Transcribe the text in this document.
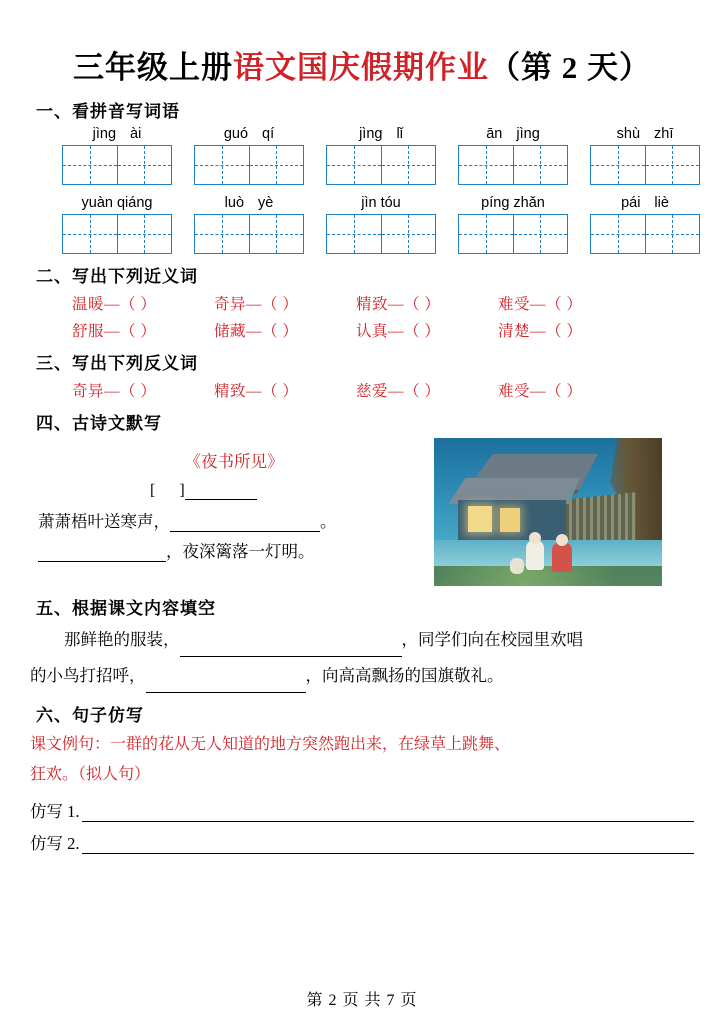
三年级上册语文国庆假期作业（第 2 天）
一、看拼音写词语
jìng ài	guó qí	jìng lǐ	ān jìng	shù zhī
yuàn qiáng	luò yè	jìn tóu	píng zhǎn	pái liè
二、写出下列近义词
温暖—（ ）	奇异—（ ）	精致—（ ）	难受—（ ）
舒服—（ ）	储藏—（ ）	认真—（ ）	清楚—（ ）
三、写出下列反义词
奇异—（ ）	精致—（ ）	慈爱—（ ）	难受—（ ）
四、古诗文默写
《夜书所见》
[ ]
萧萧梧叶送寒声，	。
，夜深篱落一灯明。
五、根据课文内容填空
那鲜艳的服装，	，同学们向在校园里欢唱
的小鸟打招呼，	，向高高飘扬的国旗敬礼。
六、句子仿写
课文例句：一群的花从无人知道的地方突然跑出来，在绿草上跳舞、
狂欢。（拟人句）
仿写 1.
仿写 2.
第 2 页 共 7 页
